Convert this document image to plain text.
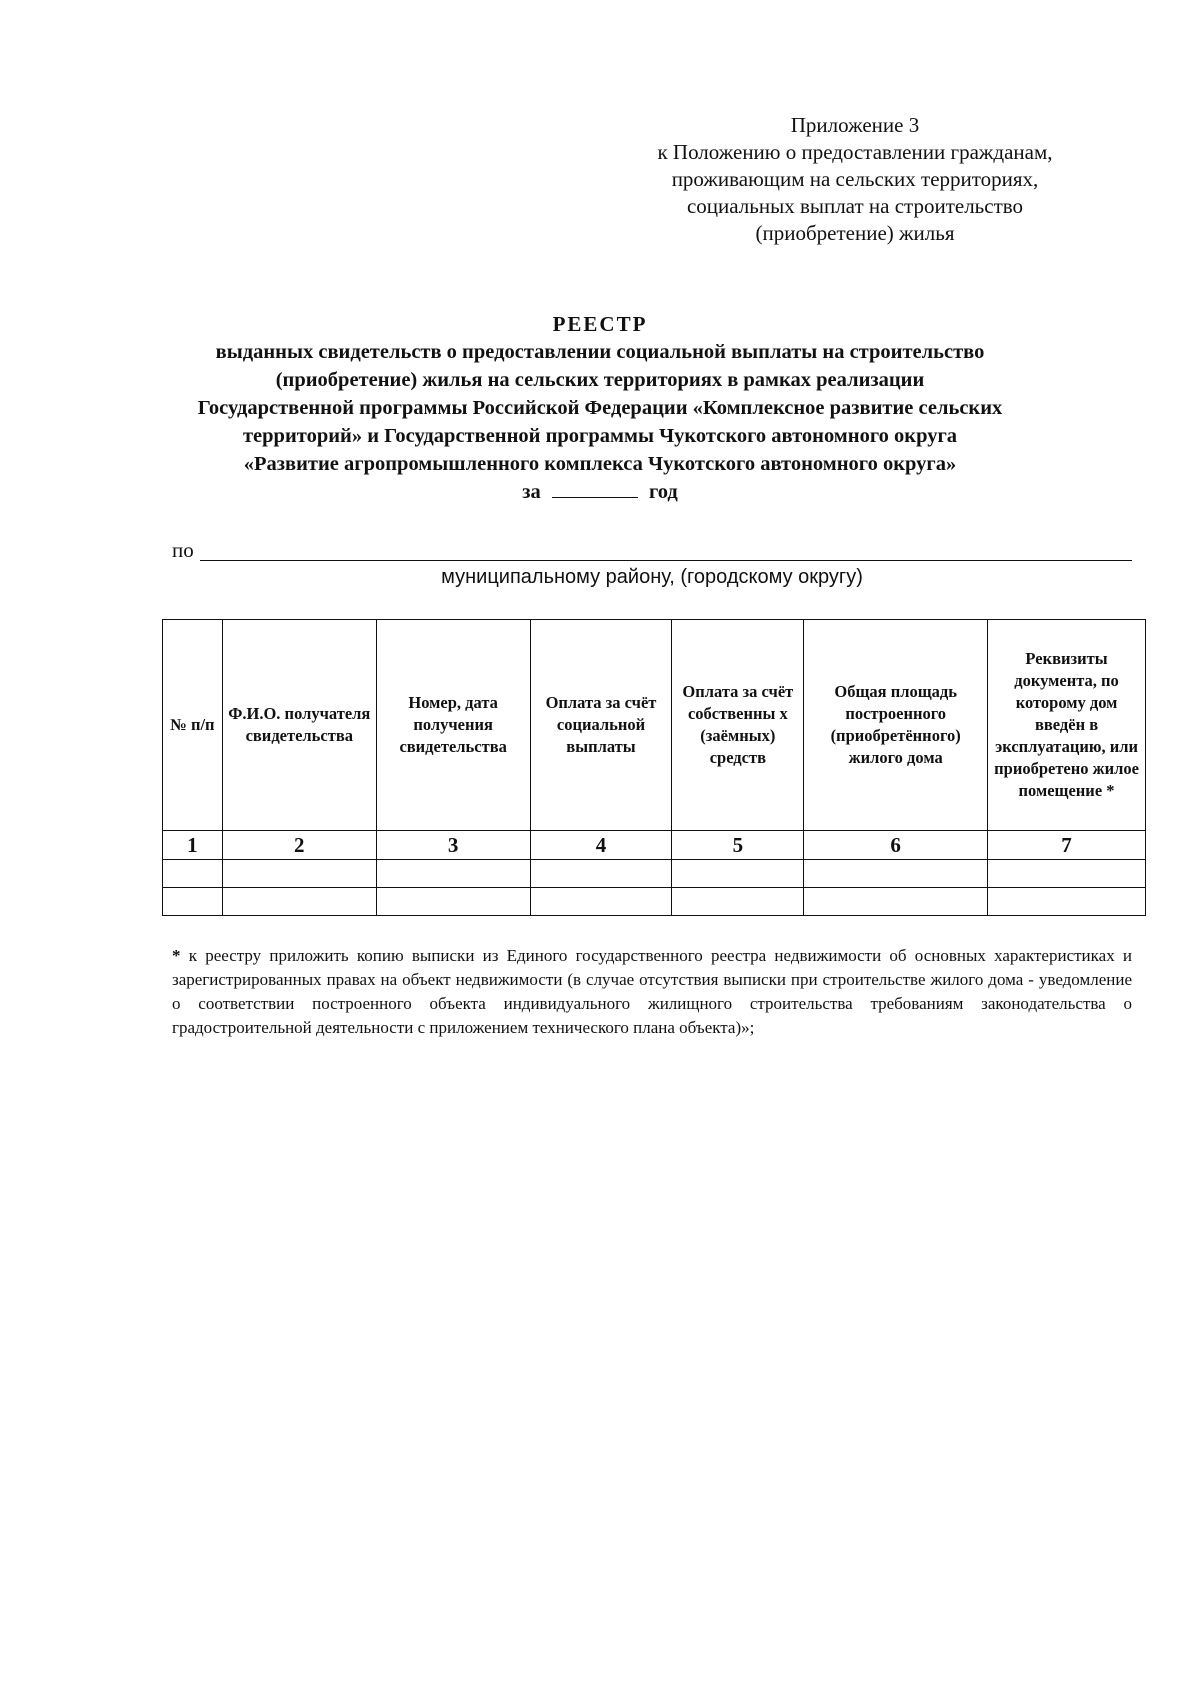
Приложение 3
к Положению о предоставлении гражданам,
проживающим на сельских территориях,
социальных выплат на строительство
(приобретение) жилья
РЕЕСТР
выданных свидетельств о предоставлении социальной выплаты на строительство
(приобретение) жилья на сельских территориях в рамках реализации
Государственной программы Российской Федерации «Комплексное развитие сельских
территорий» и Государственной программы Чукотского автономного округа
«Развитие агропромышленного комплекса Чукотского автономного округа»
за	год
по
муниципальному району, (городскому округу)
№ п/п	Ф.И.О. получателя свидетельства	Номер, дата получения свидетельства	Оплата за счёт социальной выплаты	Оплата за счёт собственны х (заёмных) средств	Общая площадь построенного (приобретённого) жилого дома	Реквизиты документа, по которому дом введён в эксплуатацию, или приобретено жилое помещение *
1	2	3	4	5	6	7

* к реестру приложить копию выписки из Единого государственного реестра недвижимости об основных характеристиках и зарегистрированных правах на объект недвижимости (в случае отсутствия выписки при строительстве жилого дома - уведомление о соответствии построенного объекта индивидуального жилищного строительства требованиям законодательства о градостроительной деятельности с приложением технического плана объекта)»;
